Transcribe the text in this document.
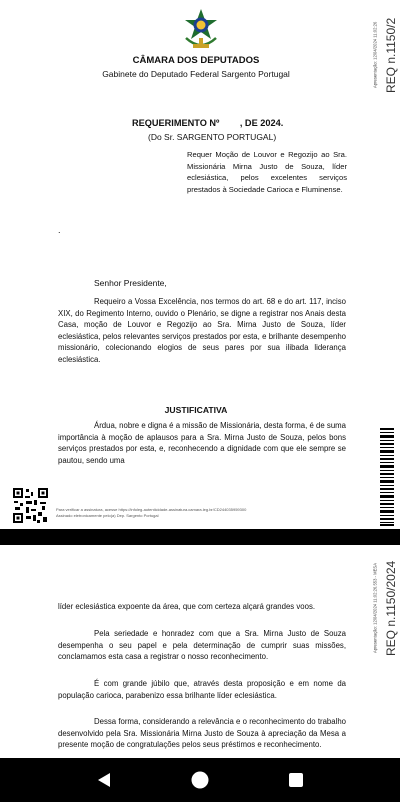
CÂMARA DOS DEPUTADOS
Gabinete do Deputado Federal Sargento Portugal
REQUERIMENTO Nº        , DE 2024.
(Do Sr. SARGENTO PORTUGAL)
Requer Moção de Louvor e Regozijo ao Sra. Missionária Mirna Justo de Souza, líder eclesiástica, pelos excelentes serviços prestados à Sociedade Carioca e Fluminense.
.
Senhor Presidente,

Requeiro a Vossa Excelência, nos termos do art. 68 e do art. 117, inciso XIX, do Regimento Interno, ouvido o Plenário, se digne a registrar nos Anais desta Casa, moção de Louvor e Regozijo ao Sra. Mirna Justo de Souza, líder eclesiástica, pelos relevantes serviços prestados por esta, e brilhante desempenho missionário, colecionando elogios de seus pares por sua ilibada liderança eclesiástica.

JUSTIFICATIVA

Árdua, nobre e digna é a missão de Missionária, desta forma, é de suma importância à moção de aplausos para a Sra. Mirna Justo de Souza, pelos bons serviços prestados por esta, e, reconhecendo a dignidade com que ele sempre se pautou, sendo uma

Para verificar a assinatura, acesse https://infoleg-autenticidade-assinatura.camara.leg.br/CD244035959300
Assinado eletronicamente pelo(a) Dep. Sargento Portugal
REQ n.1150/2
Apresentação: 12/04/2024 11:02:26

líder eclesiástica expoente da área, que com certeza alçará grandes voos.

Pela seriedade e honradez com que a Sra. Mirna Justo de Souza desempenha o seu papel e pela determinação de cumprir suas missões, conclamamos esta casa a registrar o nosso reconhecimento.

É com grande júbilo que, através desta proposição e em nome da população carioca, parabenizo essa brilhante líder eclesiástica.

Dessa forma, considerando a relevância e o reconhecimento do trabalho desenvolvido pela Sra. Missionária Mirna Justo de Souza à apreciação da Mesa a presente moção de congratulações pelos seus préstimos e reconhecimento.

REQ n.1150/2024
Apresentação: 12/04/2024 11:02:26.553 - MESA
